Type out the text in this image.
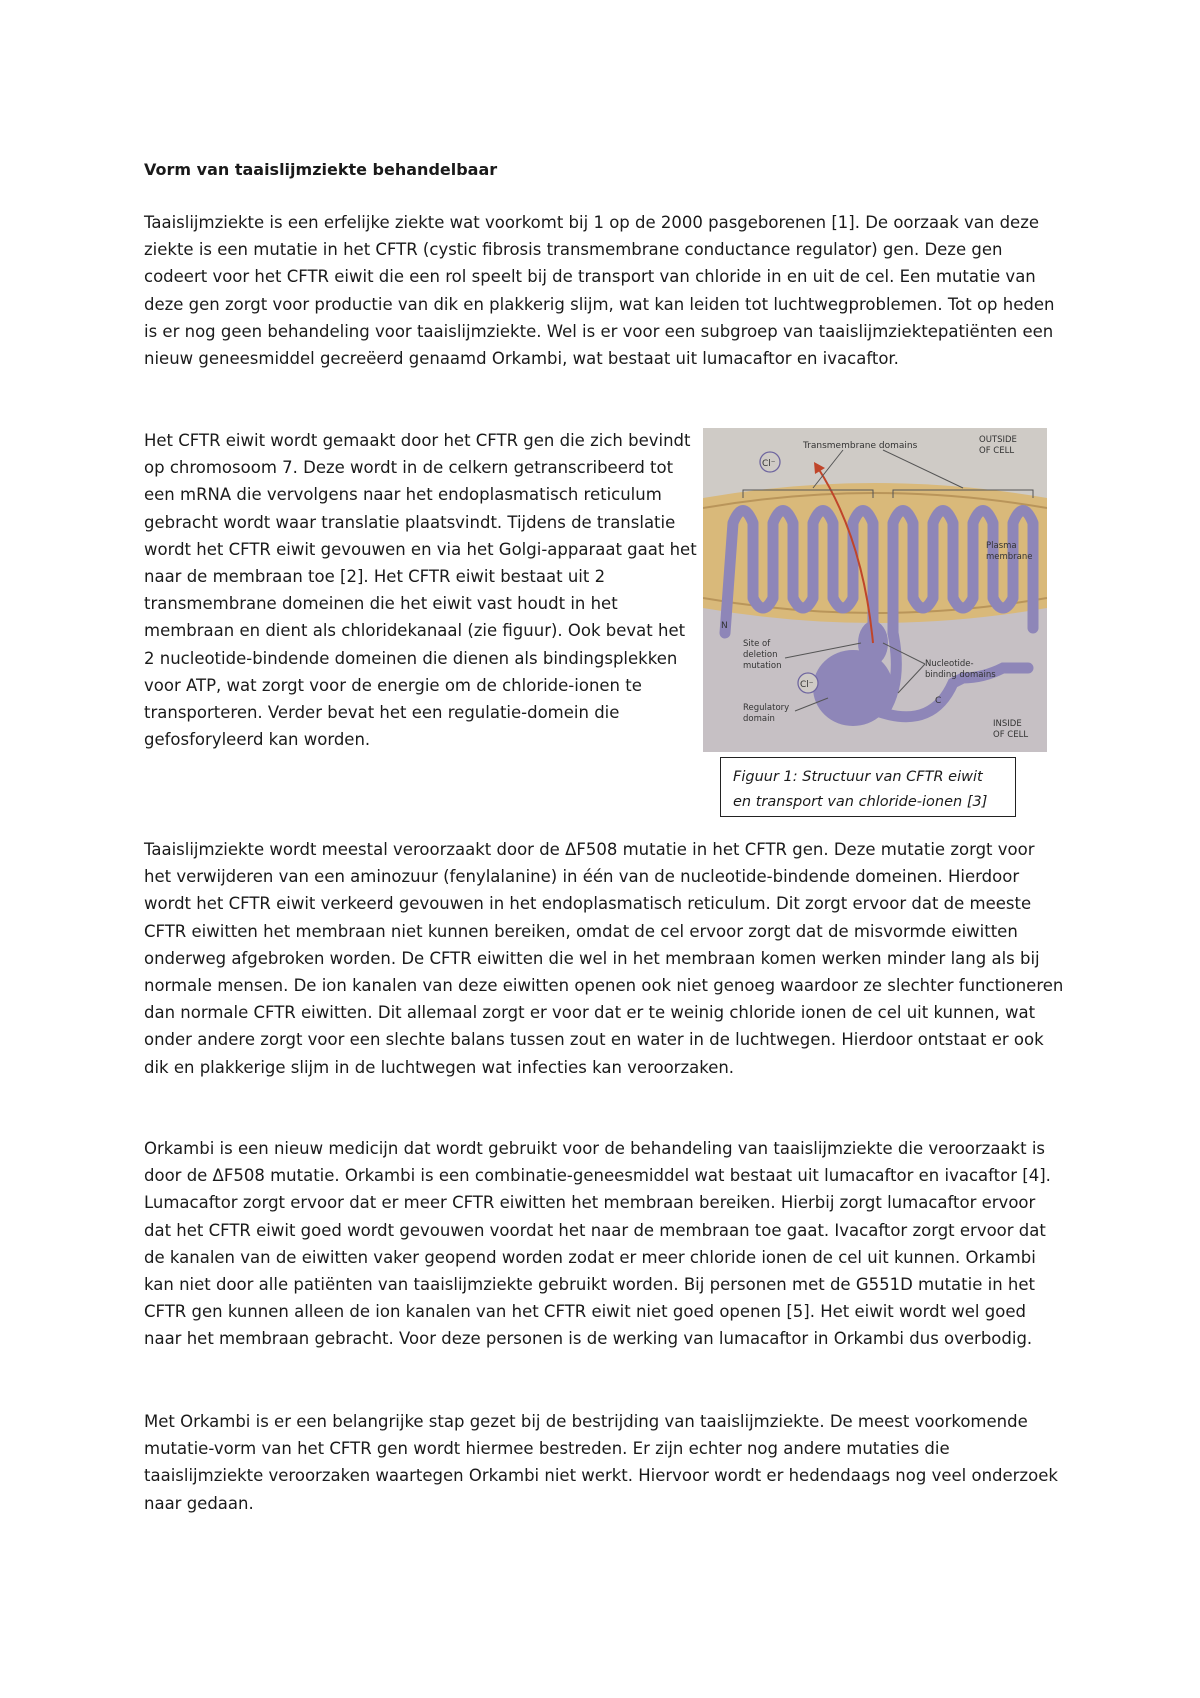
Vorm van taaislijmziekte behandelbaar

Taaislijmziekte is een erfelijke ziekte wat voorkomt bij 1 op de 2000 pasgeborenen [1]. De oorzaak van deze ziekte is een mutatie in het CFTR (cystic fibrosis transmembrane conductance regulator) gen. Deze gen codeert voor het CFTR eiwit die een rol speelt bij de transport van chloride in en uit de cel. Een mutatie van deze gen zorgt voor productie van dik en plakkerig slijm, wat kan leiden tot luchtwegproblemen. Tot op heden is er nog geen behandeling voor taaislijmziekte. Wel is er voor een subgroep van taaislijmziektepatiënten een nieuw geneesmiddel gecreëerd genaamd Orkambi, wat bestaat uit lumacaftor en ivacaftor.

Het CFTR eiwit wordt gemaakt door het CFTR gen die zich bevindt op chromosoom 7. Deze wordt in de celkern getranscribeerd tot een mRNA die vervolgens naar het endoplasmatisch reticulum gebracht wordt waar translatie plaatsvindt. Tijdens de translatie wordt het CFTR eiwit gevouwen en via het Golgi-apparaat gaat het naar de membraan toe [2]. Het CFTR eiwit bestaat uit 2 transmembrane domeinen die het eiwit vast houdt in het membraan en dient als chloridekanaal (zie figuur). Ook bevat het 2 nucleotide-bindende domeinen die dienen als bindingsplekken voor ATP, wat zorgt voor de energie om de chloride-ionen te transporteren. Verder bevat het een regulatie-domein die gefosforyleerd kan worden.

Cl⁻
Cl⁻
Transmembrane domains
OUTSIDE
OF CELL
Plasma
membrane
N
Site of
deletion
mutation	Nucleotide-
binding domains
Regulatory
domain
C
INSIDE
OF CELL
Figuur 1: Structuur van CFTR eiwit
en transport van chloride-ionen [3]

Taaislijmziekte wordt meestal veroorzaakt door de ΔF508 mutatie in het CFTR gen. Deze mutatie zorgt voor het verwijderen van een aminozuur (fenylalanine) in één van de nucleotide-bindende domeinen. Hierdoor wordt het CFTR eiwit verkeerd gevouwen in het endoplasmatisch reticulum. Dit zorgt ervoor dat de meeste CFTR eiwitten het membraan niet kunnen bereiken, omdat de cel ervoor zorgt dat de misvormde eiwitten onderweg afgebroken worden. De CFTR eiwitten die wel in het membraan komen werken minder lang als bij normale mensen. De ion kanalen van deze eiwitten openen ook niet genoeg waardoor ze slechter functioneren dan normale CFTR eiwitten. Dit allemaal zorgt er voor dat er te weinig chloride ionen de cel uit kunnen, wat onder andere zorgt voor een slechte balans tussen zout en water in de luchtwegen. Hierdoor ontstaat er ook dik en plakkerige slijm in de luchtwegen wat infecties kan veroorzaken.

Orkambi is een nieuw medicijn dat wordt gebruikt voor de behandeling van taaislijmziekte die veroorzaakt is door de ΔF508 mutatie. Orkambi is een combinatie-geneesmiddel wat bestaat uit lumacaftor en ivacaftor [4]. Lumacaftor zorgt ervoor dat er meer CFTR eiwitten het membraan bereiken. Hierbij zorgt lumacaftor ervoor dat het CFTR eiwit goed wordt gevouwen voordat het naar de membraan toe gaat. Ivacaftor zorgt ervoor dat de kanalen van de eiwitten vaker geopend worden zodat er meer chloride ionen de cel uit kunnen. Orkambi kan niet door alle patiënten van taaislijmziekte gebruikt worden. Bij personen met de G551D mutatie in het CFTR gen kunnen alleen de ion kanalen van het CFTR eiwit niet goed openen [5]. Het eiwit wordt wel goed naar het membraan gebracht. Voor deze personen is de werking van lumacaftor in Orkambi dus overbodig.

Met Orkambi is er een belangrijke stap gezet bij de bestrijding van taaislijmziekte. De meest voorkomende mutatie-vorm van het CFTR gen wordt hiermee bestreden. Er zijn echter nog andere mutaties die taaislijmziekte veroorzaken waartegen Orkambi niet werkt. Hiervoor wordt er hedendaags nog veel onderzoek naar gedaan.
